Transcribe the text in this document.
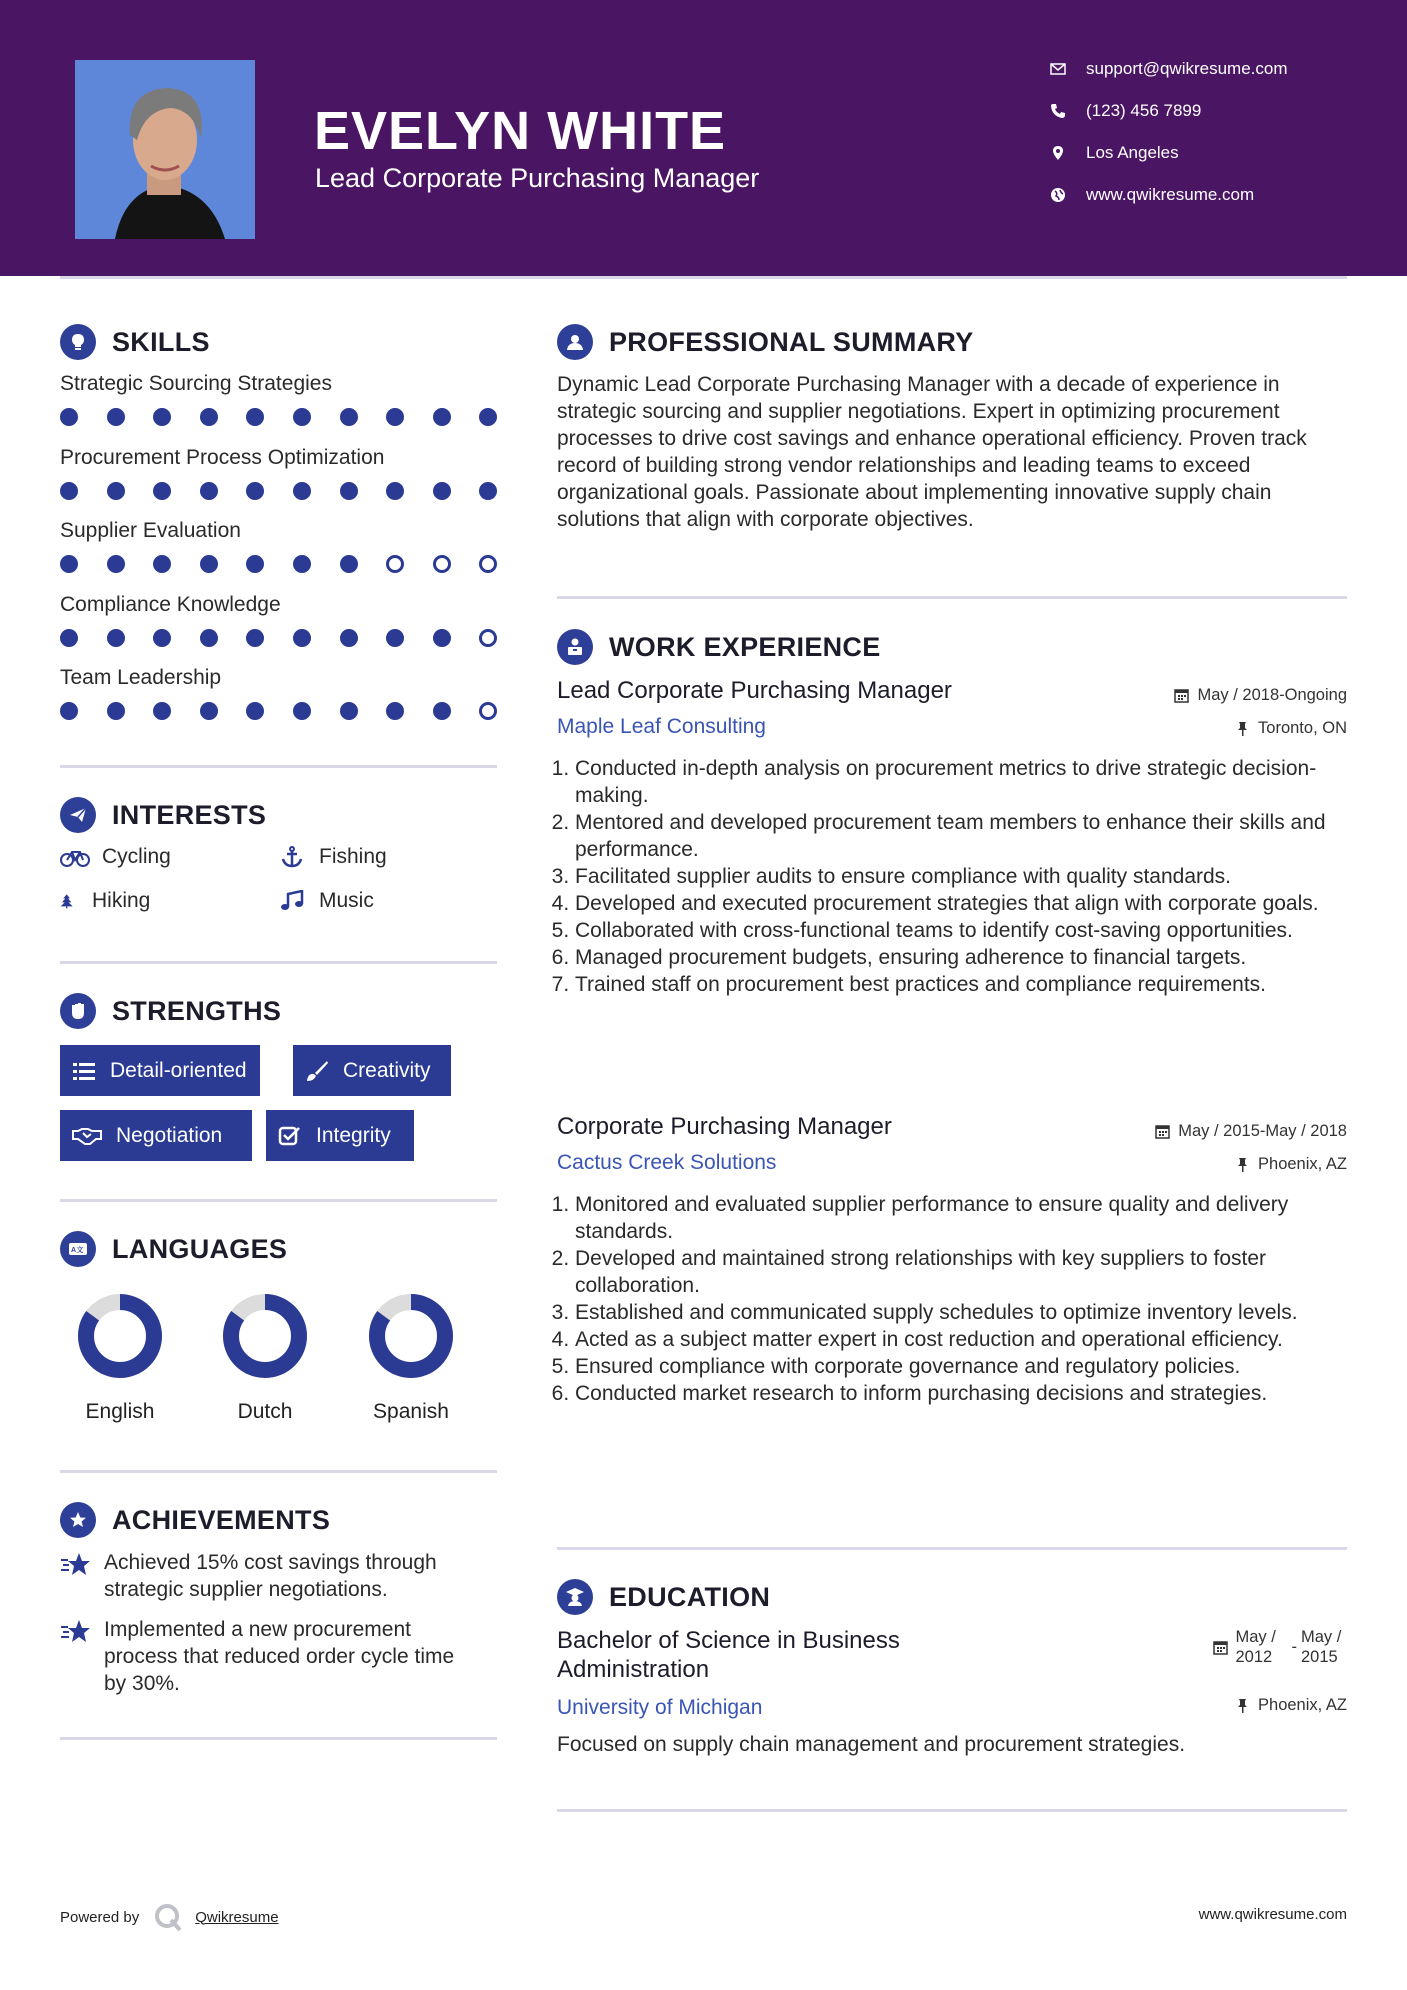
EVELYN WHITE
Lead Corporate Purchasing Manager
support@qwikresume.com
(123) 456 7899
Los Angeles
www.qwikresume.com
SKILLS
Strategic Sourcing Strategies
Procurement Process Optimization
Supplier Evaluation
Compliance Knowledge
Team Leadership
INTERESTS
Cycling	Fishing
Hiking	Music
STRENGTHS
Detail-oriented	Creativity
Negotiation	Integrity
A文 LANGUAGES
English	Dutch	Spanish
ACHIEVEMENTS
Achieved 15% cost savings through strategic supplier negotiations.
Implemented a new procurement process that reduced order cycle time by 30%.
PROFESSIONAL SUMMARY
Dynamic Lead Corporate Purchasing Manager with a decade of experience in strategic sourcing and supplier negotiations. Expert in optimizing procurement processes to drive cost savings and enhance operational efficiency. Proven track record of building strong vendor relationships and leading teams to exceed organizational goals. Passionate about implementing innovative supply chain solutions that align with corporate objectives.
WORK EXPERIENCE
Lead Corporate Purchasing Manager
Maple Leaf Consulting
May / 2018-Ongoing
Toronto, ON
1. Conducted in-depth analysis on procurement metrics to drive strategic decision-making.
2. Mentored and developed procurement team members to enhance their skills and performance.
3. Facilitated supplier audits to ensure compliance with quality standards.
4. Developed and executed procurement strategies that align with corporate goals.
5. Collaborated with cross-functional teams to identify cost-saving opportunities.
6. Managed procurement budgets, ensuring adherence to financial targets.
7. Trained staff on procurement best practices and compliance requirements.
Corporate Purchasing Manager
Cactus Creek Solutions
May / 2015-May / 2018
Phoenix, AZ
1. Monitored and evaluated supplier performance to ensure quality and delivery standards.
2. Developed and maintained strong relationships with key suppliers to foster collaboration.
3. Established and communicated supply schedules to optimize inventory levels.
4. Acted as a subject matter expert in cost reduction and operational efficiency.
5. Ensured compliance with corporate governance and regulatory policies.
6. Conducted market research to inform purchasing decisions and strategies.
EDUCATION
Bachelor of Science in Business Administration
University of Michigan
May / 2012
-
May / 2015
Phoenix, AZ
Focused on supply chain management and procurement strategies.
Powered by	Qwikresume	www.qwikresume.com
